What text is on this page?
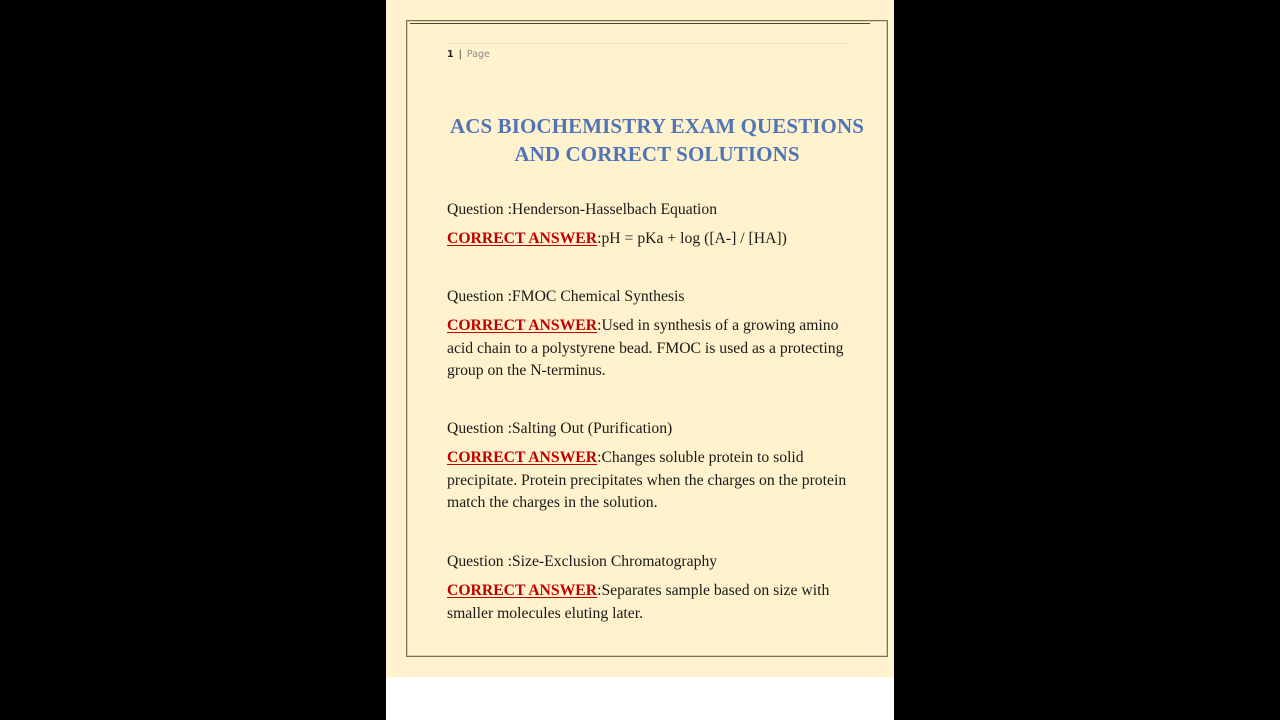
1 | Page
ACS BIOCHEMISTRY EXAM QUESTIONS AND CORRECT SOLUTIONS

Question :Henderson-Hasselbach Equation

CORRECT ANSWER:pH = pKa + log ([A-] / [HA])

Question :FMOC Chemical Synthesis

CORRECT ANSWER:Used in synthesis of a growing amino acid chain to a polystyrene bead. FMOC is used as a protecting group on the N-terminus.

Question :Salting Out (Purification)

CORRECT ANSWER:Changes soluble protein to solid precipitate. Protein precipitates when the charges on the protein match the charges in the solution.

Question :Size-Exclusion Chromatography

CORRECT ANSWER:Separates sample based on size with smaller molecules eluting later.
